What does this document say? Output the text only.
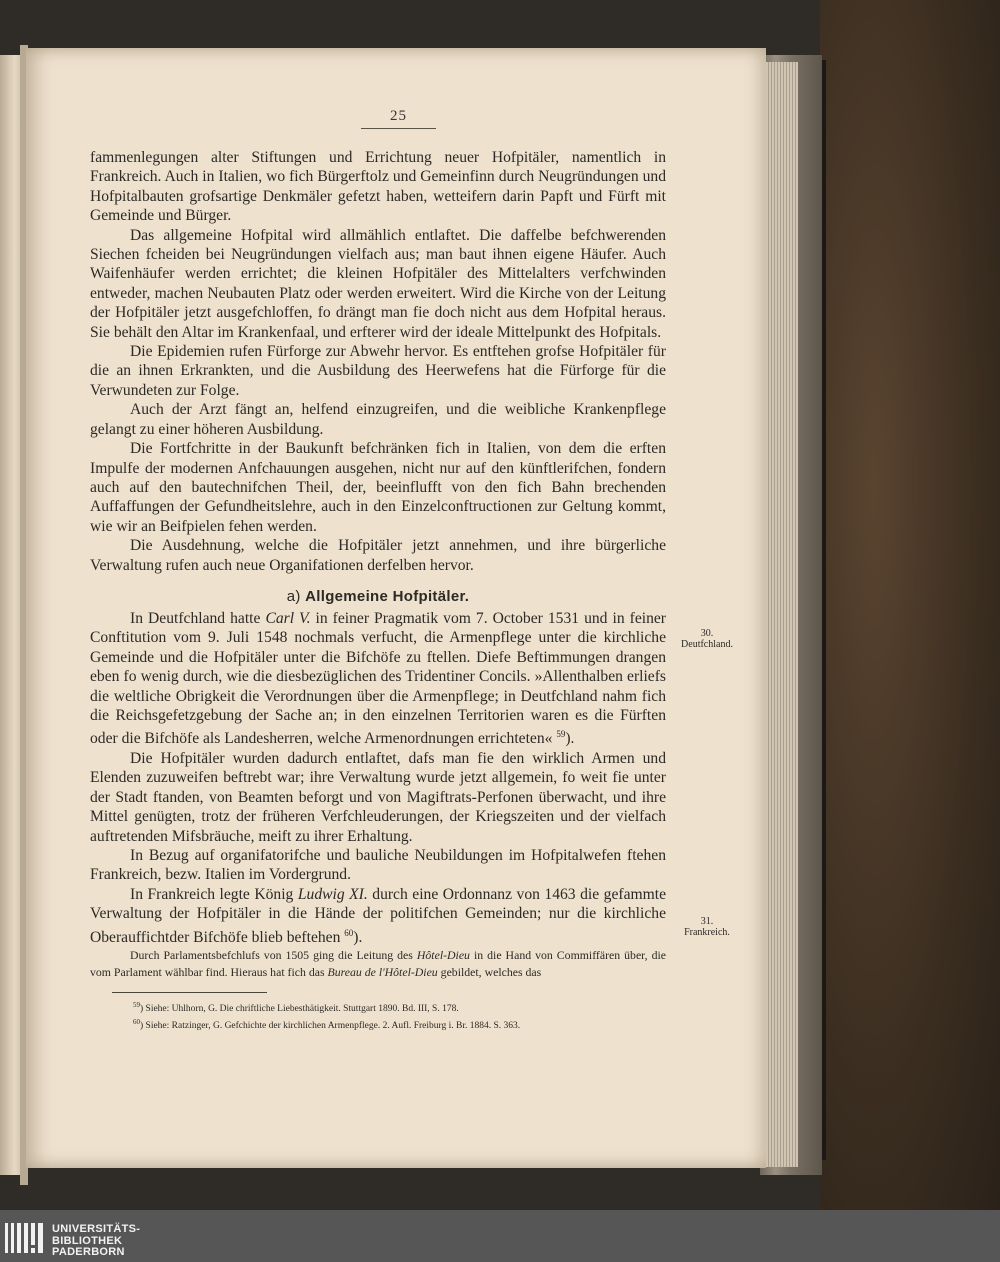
25

fammenlegungen alter Stiftungen und Errichtung neuer Hofpitäler, namentlich in Frankreich. Auch in Italien, wo fich Bürgerftolz und Gemeinfinn durch Neugründungen und Hofpitalbauten grofsartige Denkmäler gefetzt haben, wetteifern darin Papft und Fürft mit Gemeinde und Bürger.

Das allgemeine Hofpital wird allmählich entlaftet. Die daffelbe befchwerenden Siechen fcheiden bei Neugründungen vielfach aus; man baut ihnen eigene Häufer. Auch Waifenhäufer werden errichtet; die kleinen Hofpitäler des Mittelalters verfchwinden entweder, machen Neubauten Platz oder werden erweitert. Wird die Kirche von der Leitung der Hofpitäler jetzt ausgefchloffen, fo drängt man fie doch nicht aus dem Hofpital heraus. Sie behält den Altar im Krankenfaal, und erfterer wird der ideale Mittelpunkt des Hofpitals.

Die Epidemien rufen Fürforge zur Abwehr hervor. Es entftehen grofse Hofpitäler für die an ihnen Erkrankten, und die Ausbildung des Heerwefens hat die Fürforge für die Verwundeten zur Folge.

Auch der Arzt fängt an, helfend einzugreifen, und die weibliche Krankenpflege gelangt zu einer höheren Ausbildung.

Die Fortfchritte in der Baukunft befchränken fich in Italien, von dem die erften Impulfe der modernen Anfchauungen ausgehen, nicht nur auf den künftlerifchen, fondern auch auf den bautechnifchen Theil, der, beeinflufft von den fich Bahn brechenden Auffaffungen der Gefundheitslehre, auch in den Einzelconftructionen zur Geltung kommt, wie wir an Beifpielen fehen werden.

Die Ausdehnung, welche die Hofpitäler jetzt annehmen, und ihre bürgerliche Verwaltung rufen auch neue Organifationen derfelben hervor.

a) Allgemeine Hofpitäler.

In Deutfchland hatte Carl V. in feiner Pragmatik vom 7. October 1531 und in feiner Conftitution vom 9. Juli 1548 nochmals verfucht, die Armenpflege unter die kirchliche Gemeinde und die Hofpitäler unter die Bifchöfe zu ftellen. Diefe Beftimmungen drangen eben fo wenig durch, wie die diesbezüglichen des Tridentiner Concils. »Allenthalben erliefs die weltliche Obrigkeit die Verordnungen über die Armenpflege; in Deutfchland nahm fich die Reichsgefetzgebung der Sache an; in den einzelnen Territorien waren es die Fürften oder die Bifchöfe als Landesherren, welche Armenordnungen errichteten« $^{59}$).

Die Hofpitäler wurden dadurch entlaftet, dafs man fie den wirklich Armen und Elenden zuzuweifen beftrebt war; ihre Verwaltung wurde jetzt allgemein, fo weit fie unter der Stadt ftanden, von Beamten beforgt und von Magiftrats-Perfonen überwacht, und ihre Mittel genügten, trotz der früheren Verfchleuderungen, der Kriegszeiten und der vielfach auftretenden Mifsbräuche, meift zu ihrer Erhaltung.

In Bezug auf organifatorifche und bauliche Neubildungen im Hofpitalwefen ftehen Frankreich, bezw. Italien im Vordergrund.

In Frankreich legte König Ludwig XI. durch eine Ordonnanz von 1463 die gefammte Verwaltung der Hofpitäler in die Hände der politifchen Gemeinden; nur die kirchliche Oberauffichtder Bifchöfe blieb beftehen $^{60}$).

Durch Parlamentsbefchlufs von 1505 ging die Leitung des Hôtel-Dieu in die Hand von Commiffären über, die vom Parlament wählbar find. Hieraus hat fich das Bureau de l'Hôtel-Dieu gebildet, welches das

$^{59}$) Siehe: Uhlhorn, G. Die chriftliche Liebesthätigkeit. Stuttgart 1890. Bd. III, S. 178.

$^{60}$) Siehe: Ratzinger, G. Gefchichte der kirchlichen Armenpflege. 2. Aufl. Freiburg i. Br. 1884. S. 363.

30.
Deutfchland.
31.
Frankreich.
UNIVERSITÄTS-
BIBLIOTHEK
PADERBORN
